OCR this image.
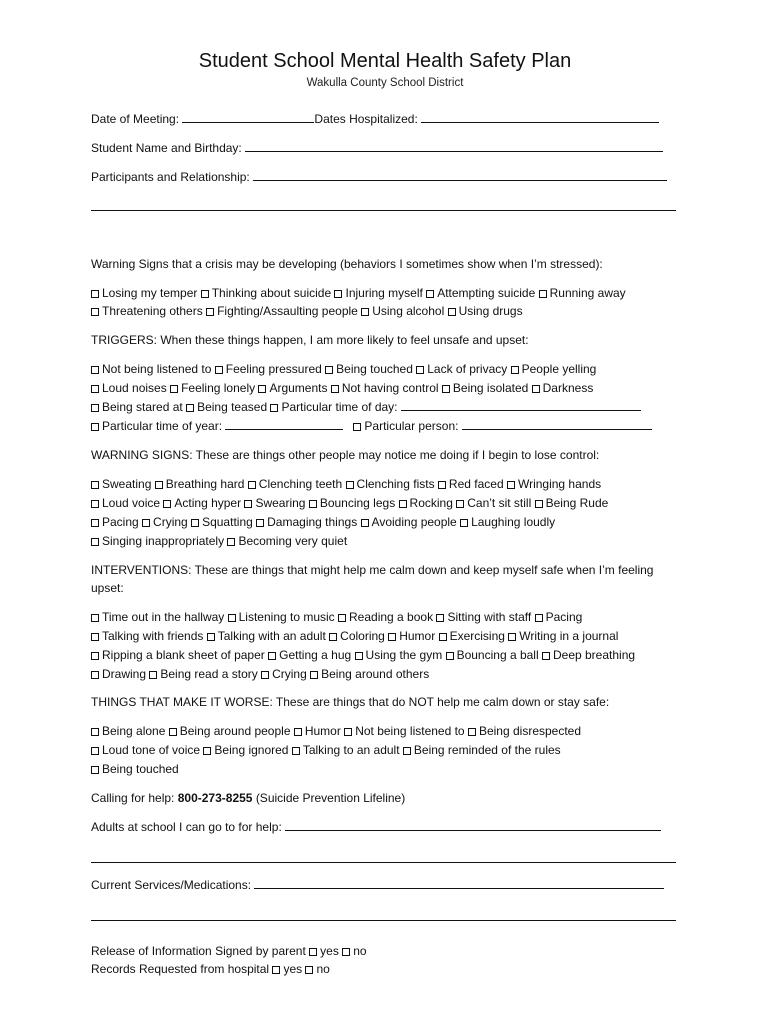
Student School Mental Health Safety Plan
Wakulla County School District
Date of Meeting:	Dates Hospitalized:
Student Name and Birthday:
Participants and Relationship:
Warning Signs that a crisis may be developing (behaviors I sometimes show when I’m stressed):
Losing my temper Thinking about suicide Injuring myself Attempting suicide Running away
Threatening others Fighting/Assaulting people Using alcohol Using drugs
TRIGGERS: When these things happen, I am more likely to feel unsafe and upset:
Not being listened to Feeling pressured Being touched Lack of privacy People yelling
Loud noises Feeling lonely Arguments Not having control Being isolated Darkness
Being stared at Being teased Particular time of day:
Particular time of year:	Particular person:
WARNING SIGNS: These are things other people may notice me doing if I begin to lose control:
Sweating Breathing hard Clenching teeth Clenching fists Red faced Wringing hands
Loud voice Acting hyper Swearing Bouncing legs Rocking Can’t sit still Being Rude
Pacing Crying Squatting Damaging things Avoiding people Laughing loudly
Singing inappropriately Becoming very quiet
INTERVENTIONS: These are things that might help me calm down and keep myself safe when I’m feeling
upset:
Time out in the hallway Listening to music Reading a book Sitting with staff Pacing
Talking with friends Talking with an adult Coloring Humor Exercising Writing in a journal
Ripping a blank sheet of paper Getting a hug Using the gym Bouncing a ball Deep breathing
Drawing Being read a story Crying Being around others
THINGS THAT MAKE IT WORSE: These are things that do NOT help me calm down or stay safe:
Being alone Being around people Humor Not being listened to Being disrespected
Loud tone of voice Being ignored Talking to an adult Being reminded of the rules
Being touched
Calling for help: 800-273-8255 (Suicide Prevention Lifeline)
Adults at school I can go to for help:
Current Services/Medications:
Release of Information Signed by parent yes no
Records Requested from hospital yes no
